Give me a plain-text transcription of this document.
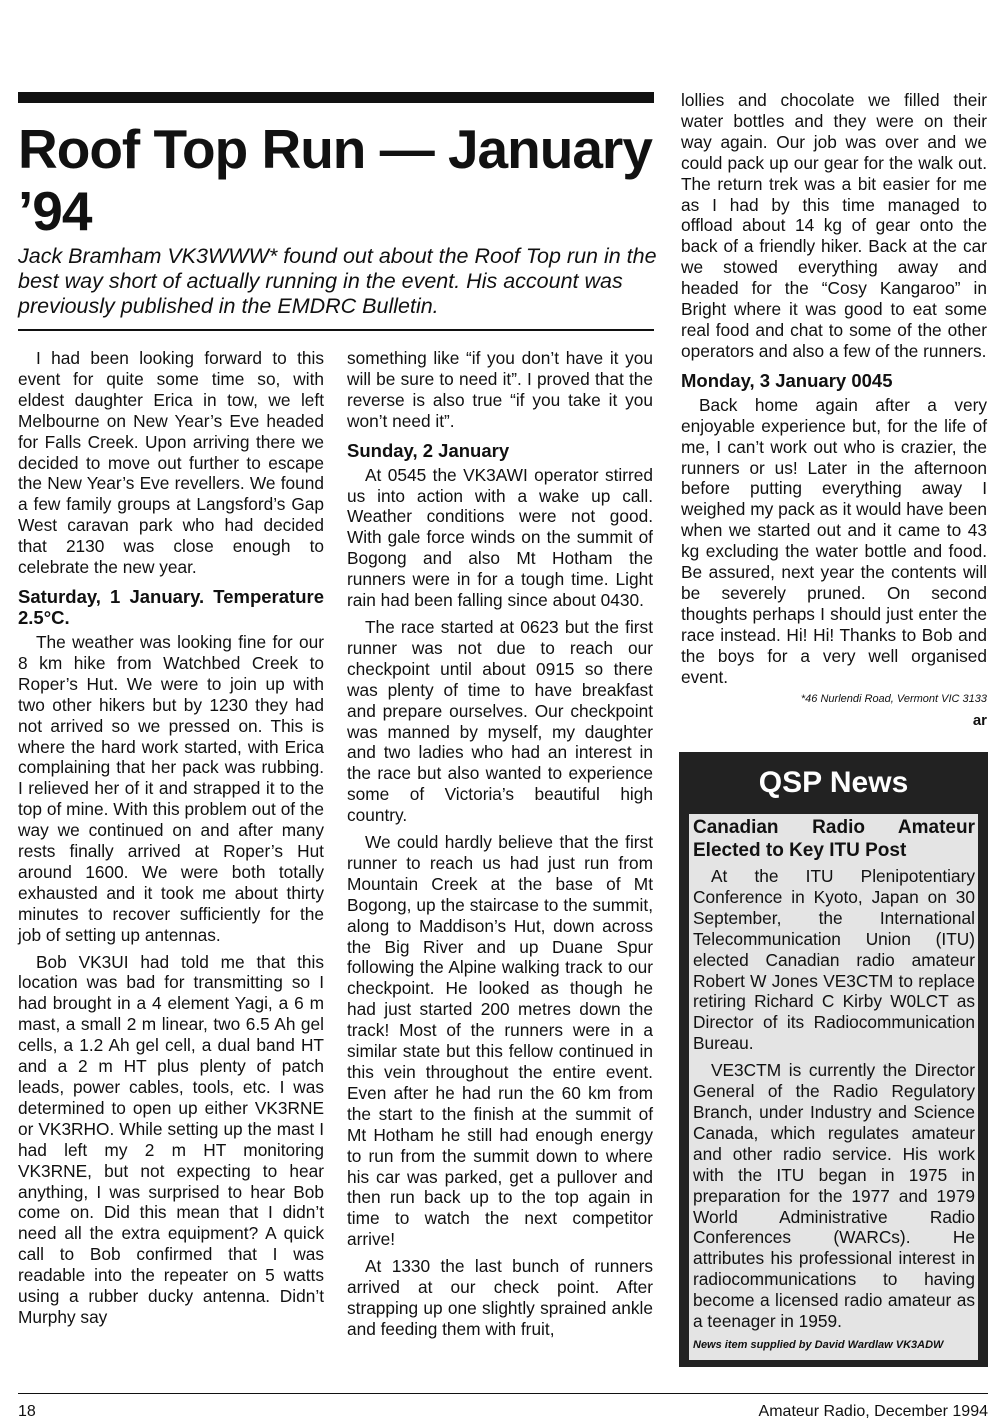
Roof Top Run — January ’94

Jack Bramham VK3WWW* found out about the Roof Top run in the best way short of actually running in the event. His account was previously published in the EMDRC Bulletin.

I had been looking forward to this event for quite some time so, with eldest daughter Erica in tow, we left Melbourne on New Year’s Eve headed for Falls Creek. Upon arriving there we decided to move out further to escape the New Year’s Eve revellers. We found a few family groups at Langsford’s Gap West caravan park who had decided that 2130 was close enough to celebrate the new year.

Saturday, 1 January. Temperature 2.5°C.

The weather was looking fine for our 8 km hike from Watchbed Creek to Roper’s Hut. We were to join up with two other hikers but by 1230 they had not arrived so we pressed on. This is where the hard work started, with Erica complaining that her pack was rubbing. I relieved her of it and strapped it to the top of mine. With this problem out of the way we continued on and after many rests finally arrived at Roper’s Hut around 1600. We were both totally exhausted and it took me about thirty minutes to recover sufficiently for the job of setting up antennas.

Bob VK3UI had told me that this location was bad for transmitting so I had brought in a 4 element Yagi, a 6 m mast, a small 2 m linear, two 6.5 Ah gel cells, a 1.2 Ah gel cell, a dual band HT and a 2 m HT plus plenty of patch leads, power cables, tools, etc. I was determined to open up either VK3RNE or VK3RHO. While setting up the mast I had left my 2 m HT monitoring VK3RNE, but not expecting to hear anything, I was surprised to hear Bob come on. Did this mean that I didn’t need all the extra equipment? A quick call to Bob confirmed that I was readable into the repeater on 5 watts using a rubber ducky antenna. Didn’t Murphy say

something like “if you don’t have it you will be sure to need it”. I proved that the reverse is also true “if you take it you won’t need it”.

Sunday, 2 January

At 0545 the VK3AWI operator stirred us into action with a wake up call. Weather conditions were not good. With gale force winds on the summit of Bogong and also Mt Hotham the runners were in for a tough time. Light rain had been falling since about 0430.

The race started at 0623 but the first runner was not due to reach our checkpoint until about 0915 so there was plenty of time to have breakfast and prepare ourselves. Our checkpoint was manned by myself, my daughter and two ladies who had an interest in the race but also wanted to experience some of Victoria’s beautiful high country.

We could hardly believe that the first runner to reach us had just run from Mountain Creek at the base of Mt Bogong, up the staircase to the summit, along to Maddison’s Hut, down across the Big River and up Duane Spur following the Alpine walking track to our checkpoint. He looked as though he had just started 200 metres down the track! Most of the runners were in a similar state but this fellow continued in this vein throughout the entire event. Even after he had run the 60 km from the start to the finish at the summit of Mt Hotham he still had enough energy to run from the summit down to where his car was parked, get a pullover and then run back up to the top again in time to watch the next competitor arrive!

At 1330 the last bunch of runners arrived at our check point. After strapping up one slightly sprained ankle and feeding them with fruit,

lollies and chocolate we filled their water bottles and they were on their way again. Our job was over and we could pack up our gear for the walk out. The return trek was a bit easier for me as I had by this time managed to offload about 14 kg of gear onto the back of a friendly hiker. Back at the car we stowed everything away and headed for the “Cosy Kangaroo” in Bright where it was good to eat some real food and chat to some of the other operators and also a few of the runners.

Monday, 3 January 0045

Back home again after a very enjoyable experience but, for the life of me, I can’t work out who is crazier, the runners or us! Later in the afternoon before putting everything away I weighed my pack as it would have been when we started out and it came to 43 kg excluding the water bottle and food. Be assured, next year the contents will be severely pruned. On second thoughts perhaps I should just enter the race instead. Hi! Hi! Thanks to Bob and the boys for a very well organised event.

*46 Nurlendi Road, Vermont VIC 3133
ar
QSP News
Canadian Radio Amateur Elected to Key ITU Post

At the ITU Plenipotentiary Conference in Kyoto, Japan on 30 September, the International Telecommunication Union (ITU) elected Canadian radio amateur Robert W Jones VE3CTM to replace retiring Richard C Kirby W0LCT as Director of its Radiocommunication Bureau.

VE3CTM is currently the Director General of the Radio Regulatory Branch, under Industry and Science Canada, which regulates amateur and other radio service. His work with the ITU began in 1975 in preparation for the 1977 and 1979 World Administrative Radio Conferences (WARCs). He attributes his professional interest in radiocommunications to having become a licensed radio amateur as a teenager in 1959.

News item supplied by David Wardlaw VK3ADW
18	Amateur Radio, December 1994
